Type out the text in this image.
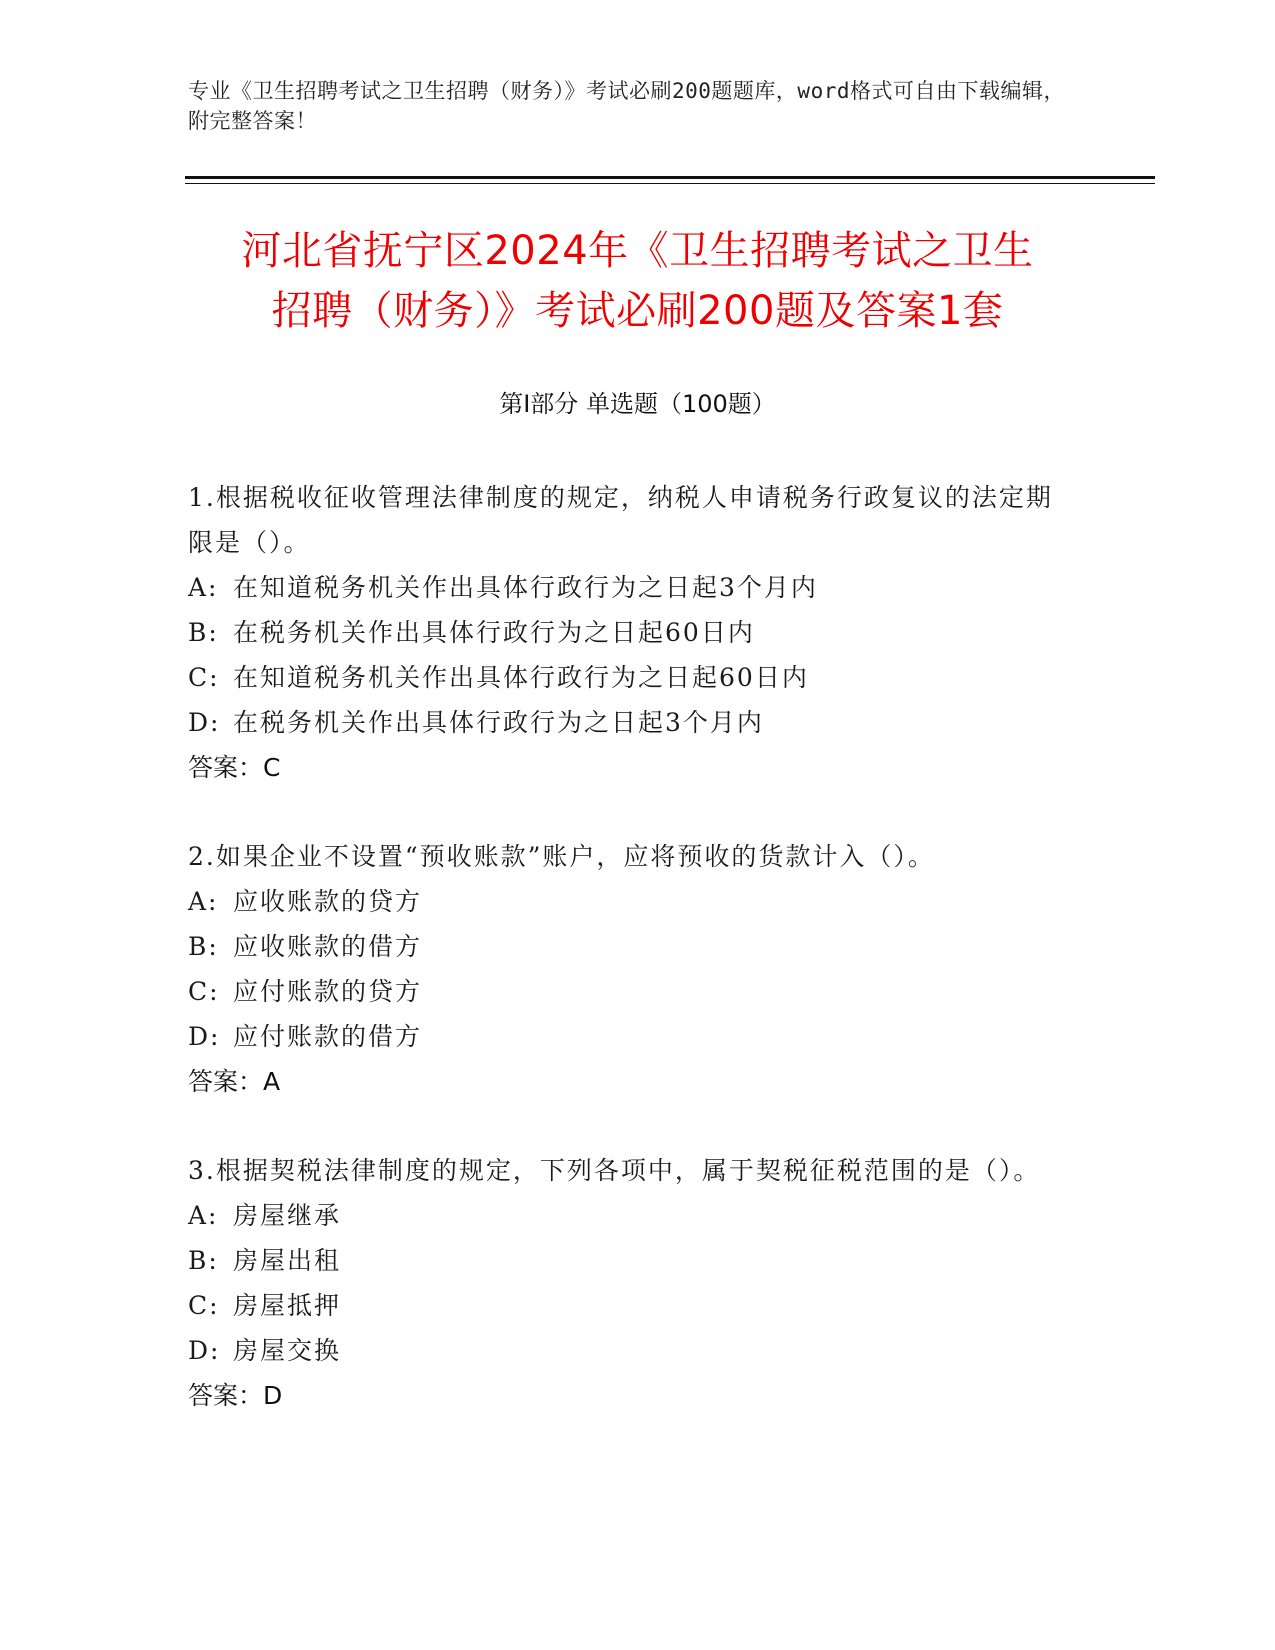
专业《卫生招聘考试之卫生招聘（财务）》考试必刷200题题库，word格式可自由下载编辑，附完整答案！
河北省抚宁区2024年《卫生招聘考试之卫生
招聘（财务）》考试必刷200题及答案1套
第Ⅰ部分 单选题（100题）
1.根据税收征收管理法律制度的规定，纳税人申请税务行政复议的法定期限是（）。
A: 在知道税务机关作出具体行政行为之日起3个月内
B: 在税务机关作出具体行政行为之日起60日内
C: 在知道税务机关作出具体行政行为之日起60日内
D: 在税务机关作出具体行政行为之日起3个月内
答案：C
2.如果企业不设置“预收账款”账户，应将预收的货款计入（）。
A: 应收账款的贷方
B: 应收账款的借方
C: 应付账款的贷方
D: 应付账款的借方
答案：A
3.根据契税法律制度的规定，下列各项中，属于契税征税范围的是（）。
A: 房屋继承
B: 房屋出租
C: 房屋抵押
D: 房屋交换
答案：D
